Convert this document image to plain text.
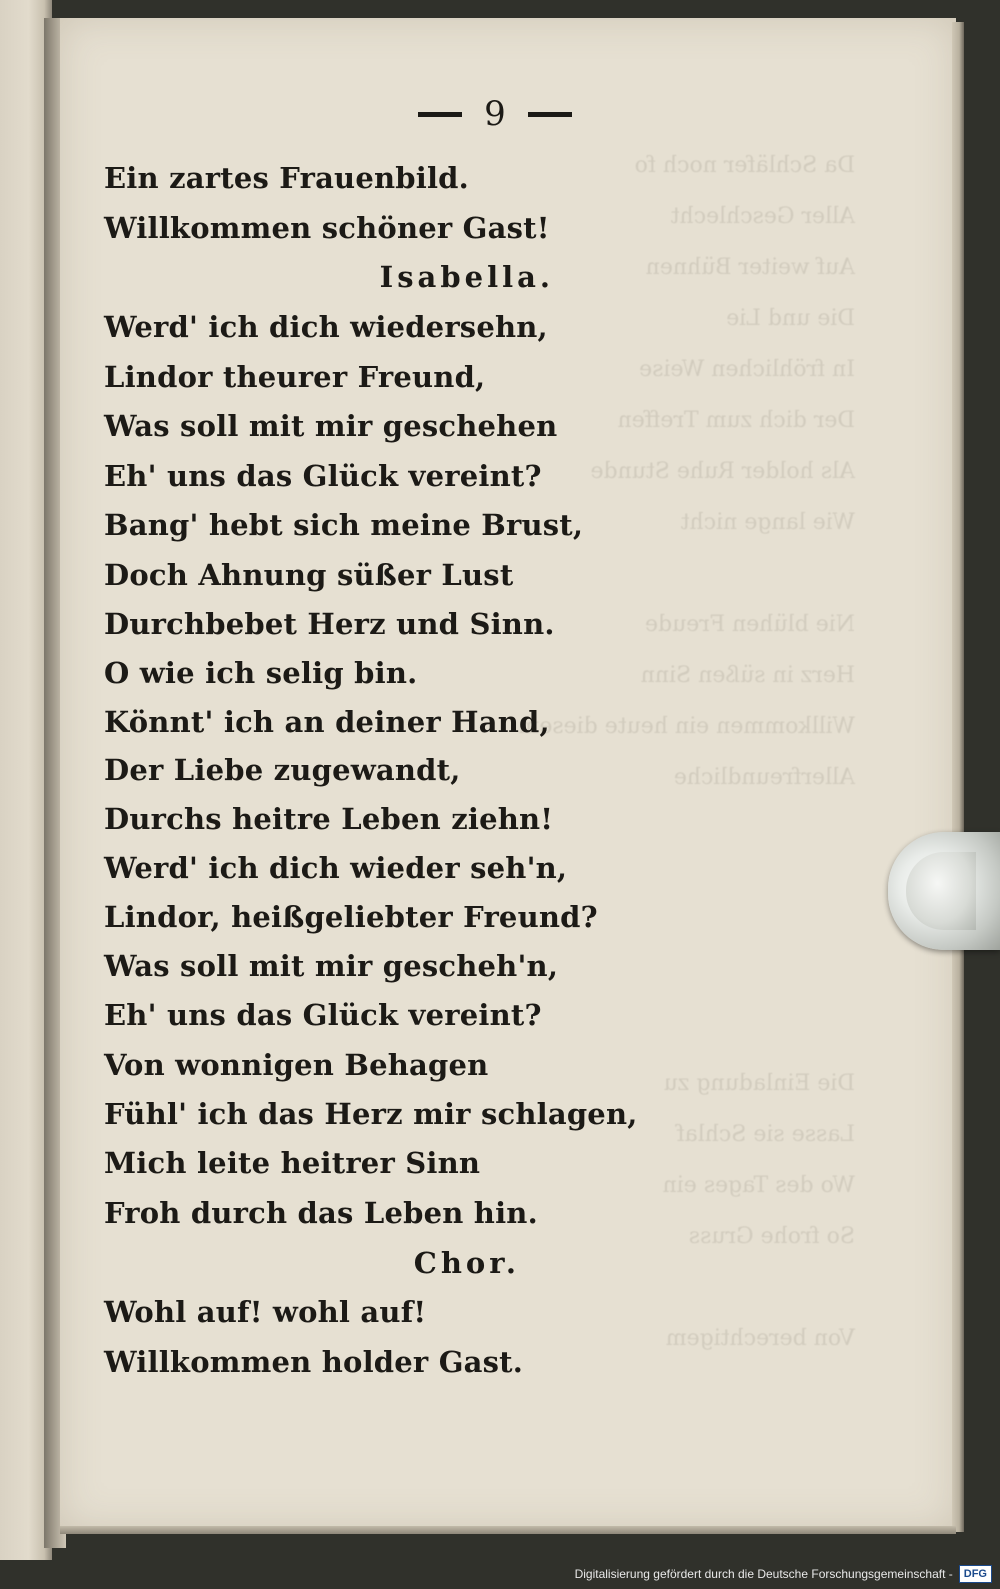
Da Schläfer noch fo
Aller Geschlecht
Auf weiter Bühnen
Die und Lie
In fröhlichen Weise
Der dich zum Treffen
Als holder Ruhe Stunde
Wie lange nicht
Nie blühen Freude
Herz in süßen Sinn
Willkommen ein heute diesem
Allerfreundliche
Die Einladung zu
Lasse sie Schlaf
Wo des Tages ein
So frohe Gruss
Von berechtigem
9
Ein zartes Frauenbild.
Willkommen schöner Gast!
Isabella.
Werd' ich dich wiedersehn,
Lindor theurer Freund,
Was soll mit mir geschehen
Eh' uns das Glück vereint?
Bang' hebt sich meine Brust,
Doch Ahnung süßer Lust
Durchbebet Herz und Sinn.
O wie ich selig bin.
Könnt' ich an deiner Hand,
Der Liebe zugewandt,
Durchs heitre Leben ziehn!
Werd' ich dich wieder seh'n,
Lindor, heißgeliebter Freund?
Was soll mit mir gescheh'n,
Eh' uns das Glück vereint?
Von wonnigen Behagen
Fühl' ich das Herz mir schlagen,
Mich leite heitrer Sinn
Froh durch das Leben hin.
Chor.
Wohl auf! wohl auf!
Willkommen holder Gast.
Digitalisierung gefördert durch die Deutsche Forschungsgemeinschaft -	DFG
